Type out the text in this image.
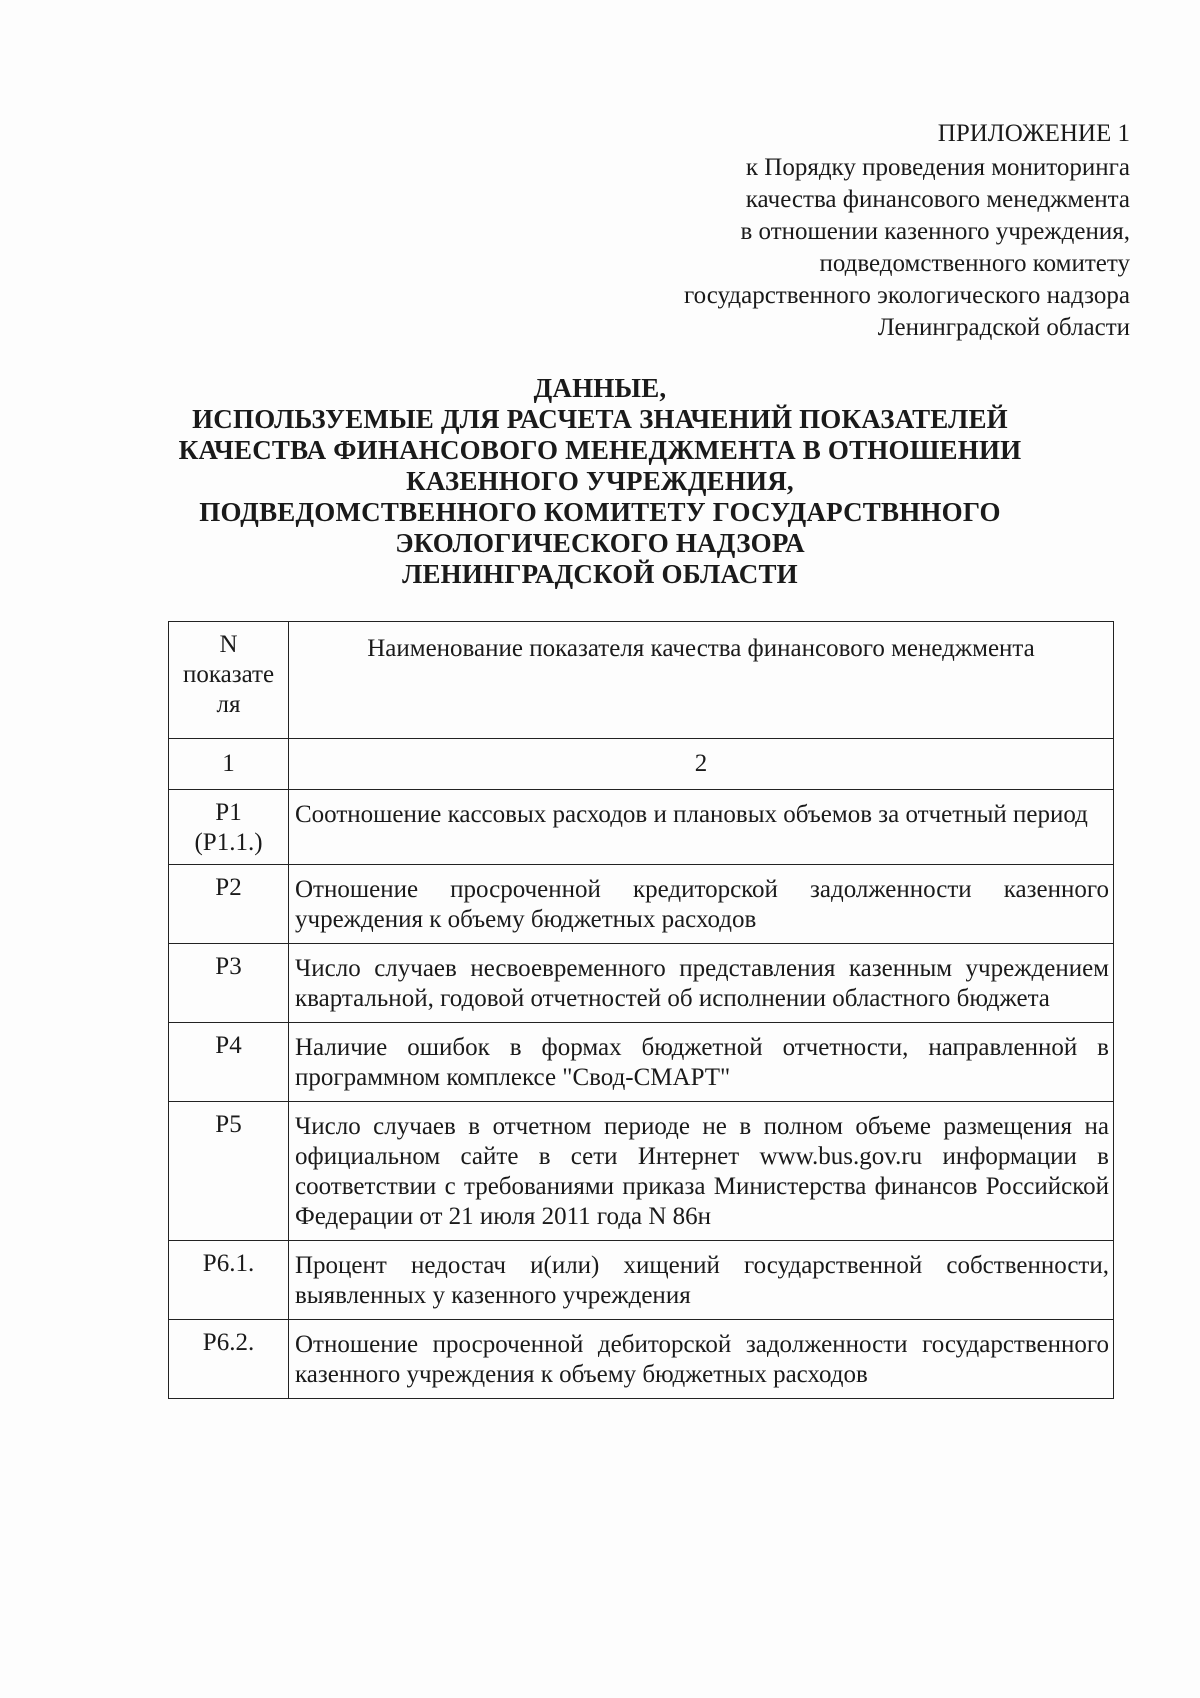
ПРИЛОЖЕНИЕ 1
к Порядку проведения мониторинга
качества финансового менеджмента
в отношении казенного учреждения,
подведомственного комитету
государственного экологического надзора
Ленинградской области
ДАННЫЕ,
ИСПОЛЬЗУЕМЫЕ ДЛЯ РАСЧЕТА ЗНАЧЕНИЙ ПОКАЗАТЕЛЕЙ
КАЧЕСТВА ФИНАНСОВОГО МЕНЕДЖМЕНТА В ОТНОШЕНИИ
КАЗЕННОГО УЧРЕЖДЕНИЯ,
ПОДВЕДОМСТВЕННОГО КОМИТЕТУ ГОСУДАРСТВННОГО
ЭКОЛОГИЧЕСКОГО НАДЗОРА
ЛЕНИНГРАДСКОЙ ОБЛАСТИ
N
показате
ля	Наименование показателя качества финансового менеджмента
1	2

P1
(P1.1.)	Соотношение кассовых расходов и плановых объемов за отчетный период

P2	Отношение просроченной кредиторской задолженности казенного учреждения к объему бюджетных расходов

P3	Число случаев несвоевременного представления казенным учреждением квартальной, годовой отчетностей об исполнении областного бюджета

P4	Наличие ошибок в формах бюджетной отчетности, направленной в программном комплексе "Свод-СМАРТ"

P5	Число случаев в отчетном периоде не в полном объеме размещения на официальном сайте в сети Интернет www.bus.gov.ru информации в соответствии с требованиями приказа Министерства финансов Российской Федерации от 21 июля 2011 года N 86н

P6.1.	Процент недостач и(или) хищений государственной собственности, выявленных у казенного учреждения

P6.2.	Отношение просроченной дебиторской задолженности государственного казенного учреждения к объему бюджетных расходов
